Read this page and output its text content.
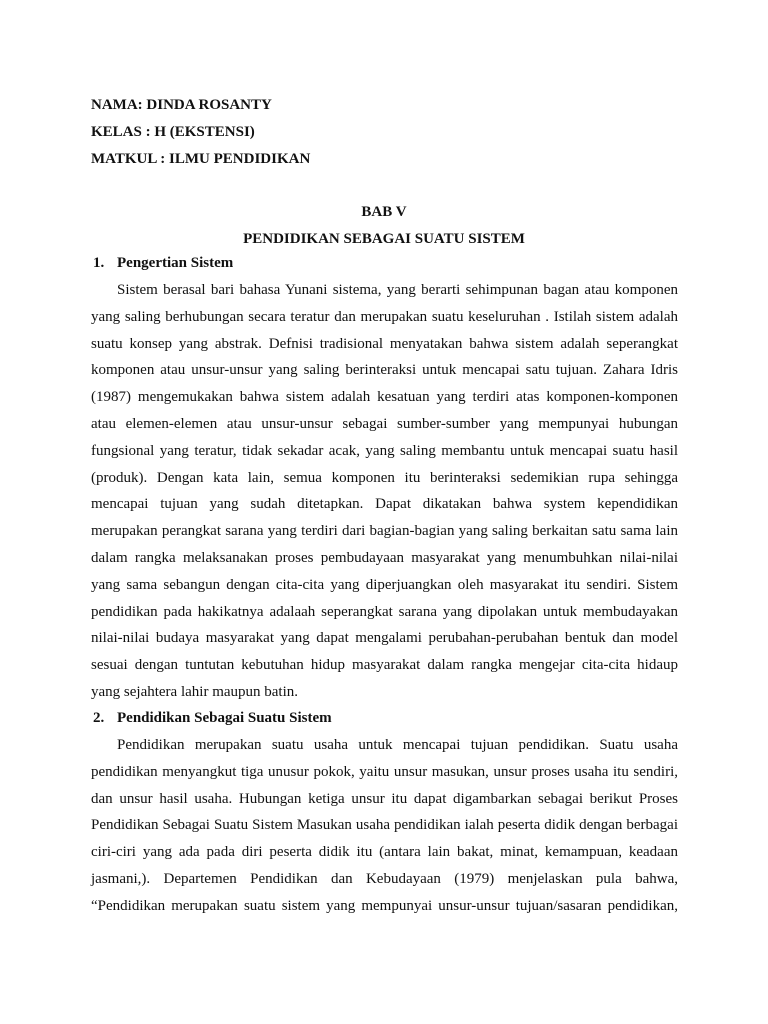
NAMA: DINDA ROSANTY
KELAS : H (EKSTENSI)
MATKUL : ILMU PENDIDIKAN
BAB V
PENDIDIKAN SEBAGAI SUATU SISTEM
1. Pengertian Sistem
Sistem berasal bari bahasa Yunani sistema, yang berarti sehimpunan bagan atau komponen
yang saling berhubungan secara teratur dan merupakan suatu keseluruhan . Istilah sistem adalah
suatu konsep yang abstrak. Defnisi tradisional menyatakan bahwa sistem adalah seperangkat
komponen atau unsur-unsur yang saling berinteraksi untuk mencapai satu tujuan. Zahara Idris
(1987) mengemukakan bahwa sistem adalah kesatuan yang terdiri atas komponen-komponen
atau elemen-elemen atau unsur-unsur sebagai sumber-sumber yang mempunyai hubungan
fungsional yang teratur, tidak sekadar acak, yang saling membantu untuk mencapai suatu hasil
(produk). Dengan kata lain, semua komponen itu berinteraksi sedemikian rupa sehingga
mencapai tujuan yang sudah ditetapkan. Dapat dikatakan bahwa system kependidikan
merupakan perangkat sarana yang terdiri dari bagian-bagian yang saling berkaitan satu sama lain
dalam rangka melaksanakan proses pembudayaan masyarakat yang menumbuhkan nilai-nilai
yang sama sebangun dengan cita-cita yang diperjuangkan oleh masyarakat itu sendiri. Sistem
pendidikan pada hakikatnya adalaah seperangkat sarana yang dipolakan untuk membudayakan
nilai-nilai budaya masyarakat yang dapat mengalami perubahan-perubahan bentuk dan model
sesuai dengan tuntutan kebutuhan hidup masyarakat dalam rangka mengejar cita-cita hidaup
yang sejahtera lahir maupun batin.
2. Pendidikan Sebagai Suatu Sistem
Pendidikan merupakan suatu usaha untuk mencapai tujuan pendidikan. Suatu usaha
pendidikan menyangkut tiga unusur pokok, yaitu unsur masukan, unsur proses usaha itu sendiri,
dan unsur hasil usaha. Hubungan ketiga unsur itu dapat digambarkan sebagai berikut Proses
Pendidikan Sebagai Suatu Sistem Masukan usaha pendidikan ialah peserta didik dengan berbagai
ciri-ciri yang ada pada diri peserta didik itu (antara lain bakat, minat, kemampuan, keadaan
jasmani,). Departemen Pendidikan dan Kebudayaan (1979) menjelaskan pula bahwa,
“Pendidikan merupakan suatu sistem yang mempunyai unsur-unsur tujuan/sasaran pendidikan,
